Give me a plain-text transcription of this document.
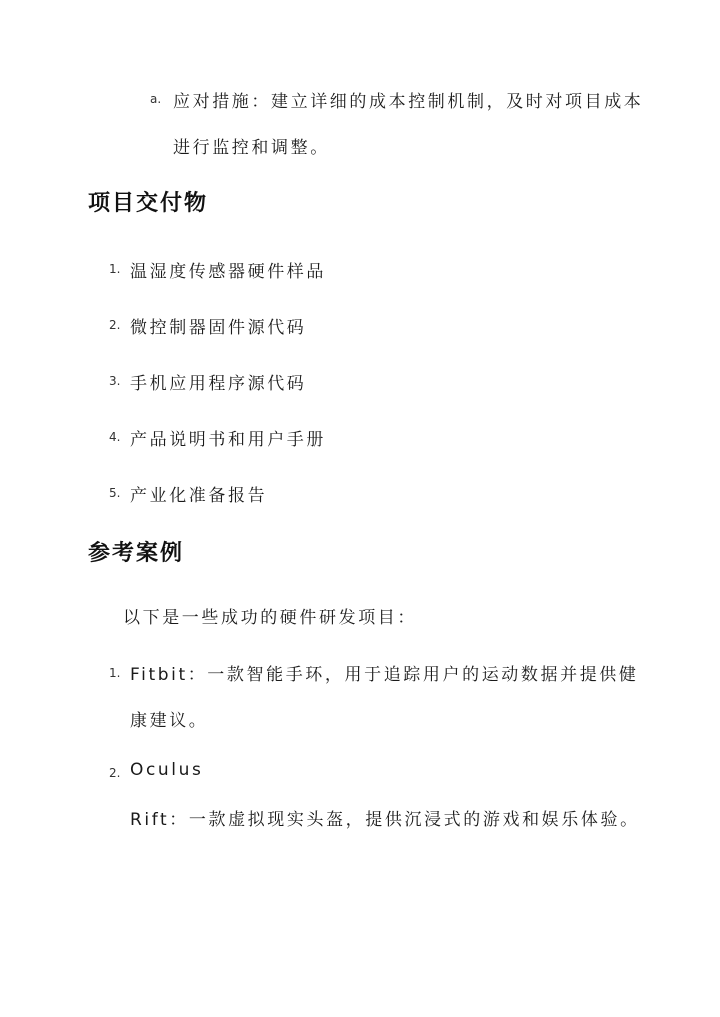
a. 应对措施：建立详细的成本控制机制，及时对项目成本
进行监控和调整。
项目交付物
1. 温湿度传感器硬件样品
2. 微控制器固件源代码
3. 手机应用程序源代码
4. 产品说明书和用户手册
5. 产业化准备报告
参考案例
以下是一些成功的硬件研发项目：
1. Fitbit：一款智能手环，用于追踪用户的运动数据并提供健
康建议。
2. Oculus
Rift：一款虚拟现实头盔，提供沉浸式的游戏和娱乐体验。
